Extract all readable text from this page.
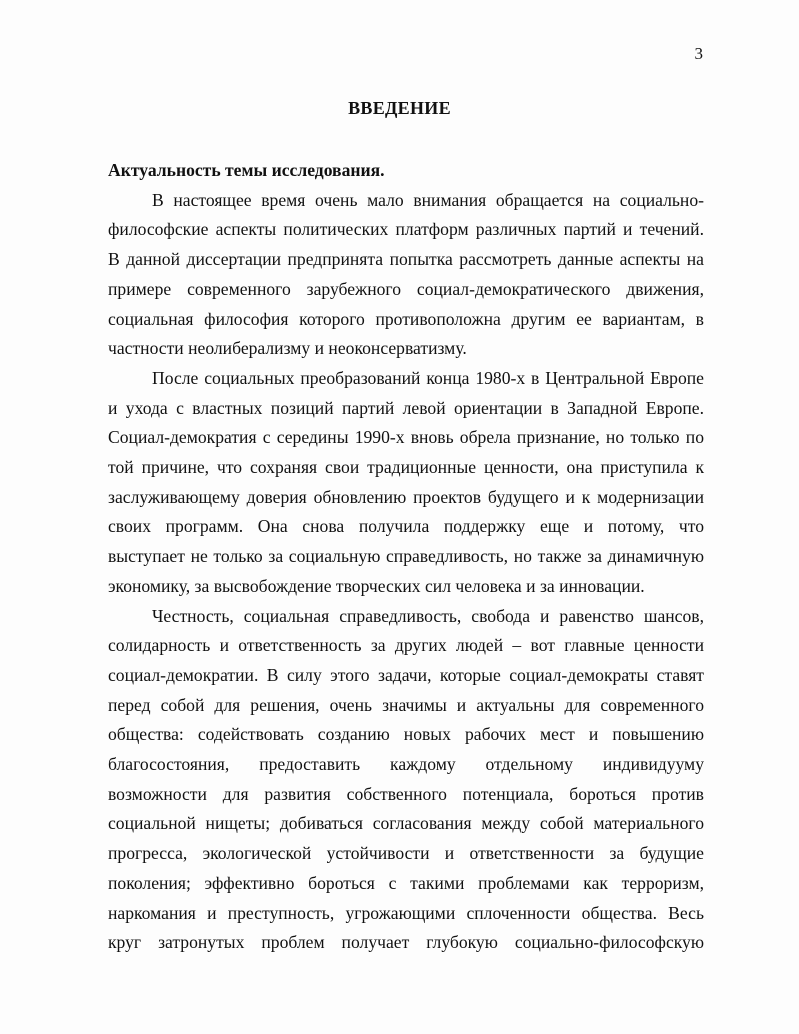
3
ВВЕДЕНИЕ

Актуальность темы исследования.

В настоящее время очень мало внимания обращается на социально-
философские аспекты политических платформ различных партий и течений.
В данной диссертации предпринята попытка рассмотреть данные аспекты на
примере современного зарубежного социал-демократического движения,
социальная философия которого противоположна другим ее вариантам, в
частности неолиберализму и неоконсерватизму.
После социальных преобразований конца 1980-х в Центральной Европе
и ухода с властных позиций партий левой ориентации в Западной Европе.
Социал-демократия с середины 1990-х вновь обрела признание, но только по
той причине, что сохраняя свои традиционные ценности, она приступила к
заслуживающему доверия обновлению проектов будущего и к модернизации
своих программ. Она снова получила поддержку еще и потому, что
выступает не только за социальную справедливость, но также за динамичную
экономику, за высвобождение творческих сил человека и за инновации.
Честность, социальная справедливость, свобода и равенство шансов,
солидарность и ответственность за других людей – вот главные ценности
социал-демократии. В силу этого задачи, которые социал-демократы ставят
перед собой для решения, очень значимы и актуальны для современного
общества: содействовать созданию новых рабочих мест и повышению
благосостояния, предоставить каждому отдельному индивидууму
возможности для развития собственного потенциала, бороться против
социальной нищеты; добиваться согласования между собой материального
прогресса, экологической устойчивости и ответственности за будущие
поколения; эффективно бороться с такими проблемами как терроризм,
наркомания и преступность, угрожающими сплоченности общества. Весь
круг затронутых проблем получает глубокую социально-философскую
